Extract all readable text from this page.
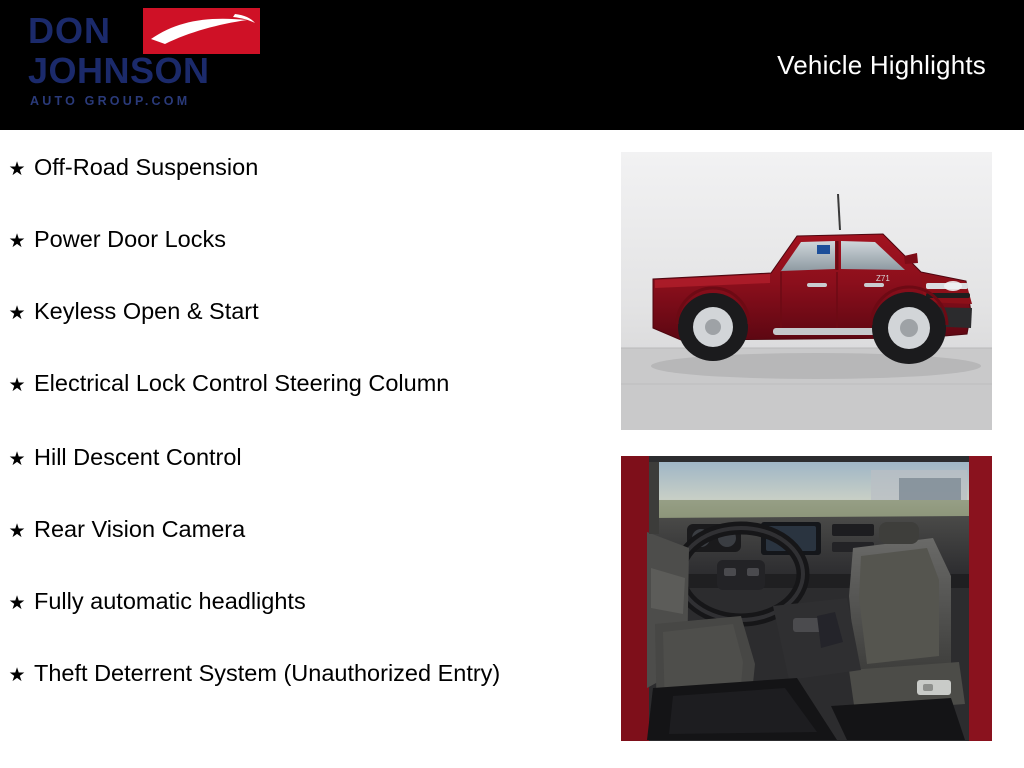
DON
JOHNSON
AUTO GROUP.COM
Vehicle Highlights
★ Off-Road Suspension
★ Power Door Locks
★ Keyless Open & Start
★ Electrical Lock Control Steering Column
★ Hill Descent Control
★ Rear Vision Camera
★ Fully automatic headlights
★ Theft Deterrent System (Unauthorized Entry)
Z71
